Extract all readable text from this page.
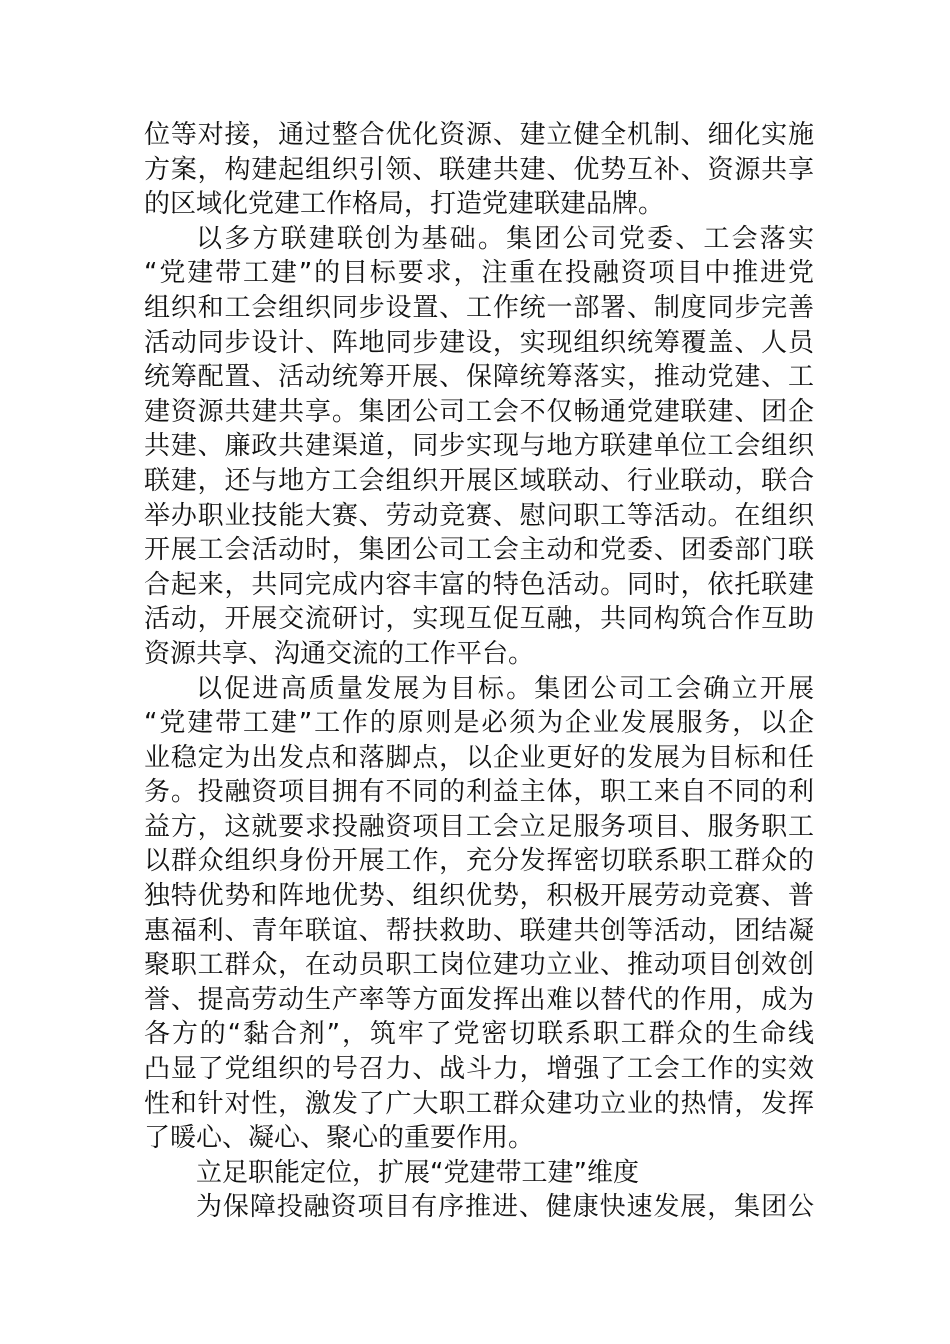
位等对接，通过整合优化资源、建立健全机制、细化实施
方案，构建起组织引领、联建共建、优势互补、资源共享
的区域化党建工作格局，打造党建联建品牌。
以多方联建联创为基础。集团公司党委、工会落实
“党建带工建”的目标要求，注重在投融资项目中推进党
组织和工会组织同步设置、工作统一部署、制度同步完善
活动同步设计、阵地同步建设，实现组织统筹覆盖、人员
统筹配置、活动统筹开展、保障统筹落实，推动党建、工
建资源共建共享。集团公司工会不仅畅通党建联建、团企
共建、廉政共建渠道，同步实现与地方联建单位工会组织
联建，还与地方工会组织开展区域联动、行业联动，联合
举办职业技能大赛、劳动竞赛、慰问职工等活动。在组织
开展工会活动时，集团公司工会主动和党委、团委部门联
合起来，共同完成内容丰富的特色活动。同时，依托联建
活动，开展交流研讨，实现互促互融，共同构筑合作互助
资源共享、沟通交流的工作平台。
以促进高质量发展为目标。集团公司工会确立开展
“党建带工建”工作的原则是必须为企业发展服务，以企
业稳定为出发点和落脚点，以企业更好的发展为目标和任
务。投融资项目拥有不同的利益主体，职工来自不同的利
益方，这就要求投融资项目工会立足服务项目、服务职工
以群众组织身份开展工作，充分发挥密切联系职工群众的
独特优势和阵地优势、组织优势，积极开展劳动竞赛、普
惠福利、青年联谊、帮扶救助、联建共创等活动，团结凝
聚职工群众，在动员职工岗位建功立业、推动项目创效创
誉、提高劳动生产率等方面发挥出难以替代的作用，成为
各方的“黏合剂”，筑牢了党密切联系职工群众的生命线
凸显了党组织的号召力、战斗力，增强了工会工作的实效
性和针对性，激发了广大职工群众建功立业的热情，发挥
了暖心、凝心、聚心的重要作用。
立足职能定位，扩展“党建带工建”维度
为保障投融资项目有序推进、健康快速发展，集团公
